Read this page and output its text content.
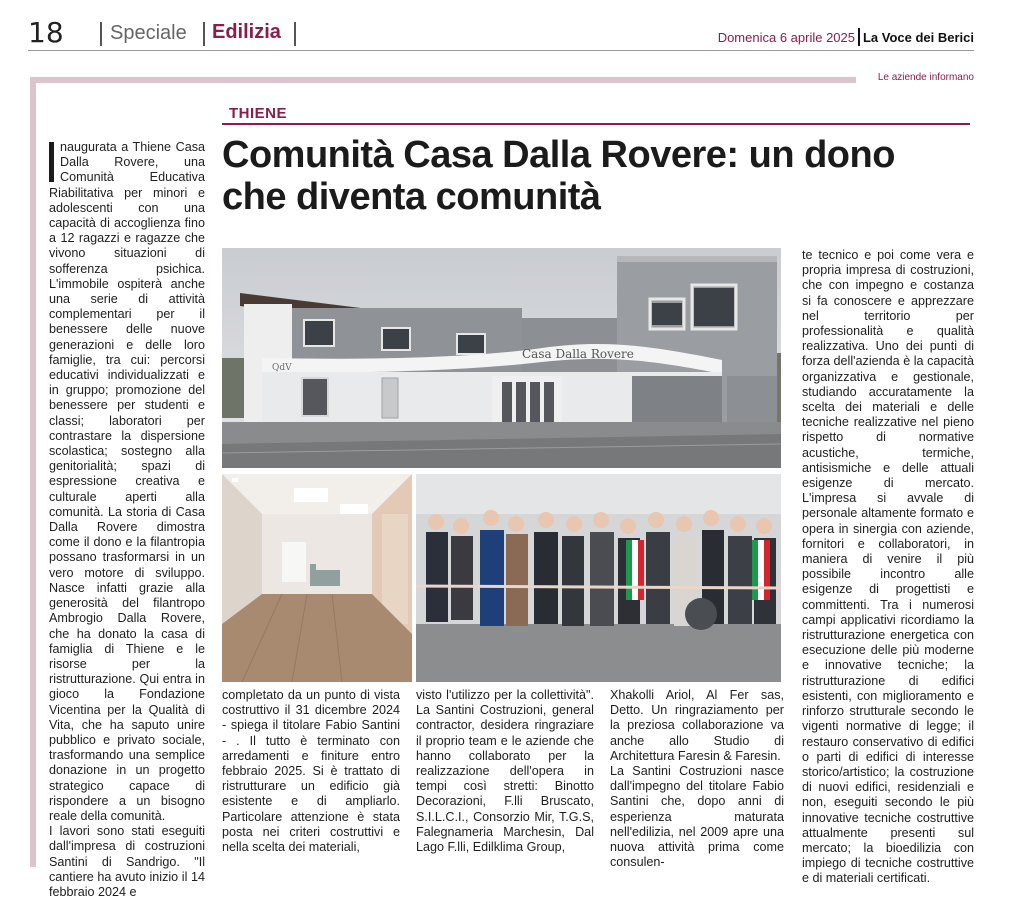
18 Speciale Edilizia	Domenica 6 aprile 2025 La Voce dei Berici
Le aziende informano
THIENE
Comunità Casa Dalla Rovere: un dono che diventa comunità
naugurata a Thiene Casa Dalla Rovere, una Comunità Educativa Riabilitativa per minori e adolescenti con una capacità di accoglienza fino a 12 ragazzi e ragazze che vivono situazioni di sofferenza psichica. L'immobile ospiterà anche una serie di attività complementari per il benessere delle nuove generazioni e delle loro famiglie, tra cui: percorsi educativi individualizzati e in gruppo; promozione del benessere per studenti e classi; laboratori per contrastare la dispersione scolastica; sostegno alla genitorialità; spazi di espressione creativa e culturale aperti alla comunità. La storia di Casa Dalla Rovere dimostra come il dono e la filantropia possano trasformarsi in un vero motore di sviluppo. Nasce infatti grazie alla generosità del filantropo Ambrogio Dalla Rovere, che ha donato la casa di famiglia di Thiene e le risorse per la ristrutturazione. Qui entra in gioco la Fondazione Vicentina per la Qualità di Vita, che ha saputo unire pubblico e privato sociale, trasformando una semplice donazione in un progetto strategico capace di rispondere a un bisogno reale della comunità.
I lavori sono stati eseguiti dall'impresa di costruzioni Santini di Sandrigo. "Il cantiere ha avuto inizio il 14 febbraio 2024 e
QdV
Casa Dalla Rovere
completato da un punto di vista costruttivo il 31 dicembre 2024 - spiega il titolare Fabio Santini - . Il tutto è terminato con arredamenti e finiture entro febbraio 2025. Si è trattato di ristrutturare un edificio già esistente e di ampliarlo. Particolare attenzione è stata posta nei criteri costruttivi e nella scelta dei materiali,
visto l'utilizzo per la collettività". La Santini Costruzioni, general contractor, desidera ringraziare il proprio team e le aziende che hanno collaborato per la realizzazione dell'opera in tempi così stretti: Binotto Decorazioni, F.lli Bruscato, S.I.L.C.I., Consorzio Mir, T.G.S, Falegnameria Marchesin, Dal Lago F.lli, Edilklima Group,
Xhakolli Ariol, Al Fer sas, Detto. Un ringraziamento per la preziosa collaborazione va anche allo Studio di Architettura Faresin & Faresin.
La Santini Costruzioni nasce dall'impegno del titolare Fabio Santini che, dopo anni di esperienza maturata nell'edilizia, nel 2009 apre una nuova attività prima come consulen-
te tecnico e poi come vera e propria impresa di costruzioni, che con impegno e costanza si fa conoscere e apprezzare nel territorio per professionalità e qualità realizzativa. Uno dei punti di forza dell'azienda è la capacità organizzativa e gestionale, studiando accuratamente la scelta dei materiali e delle tecniche realizzative nel pieno rispetto di normative acustiche, termiche, antisismiche e delle attuali esigenze di mercato. L'impresa si avvale di personale altamente formato e opera in sinergia con aziende, fornitori e collaboratori, in maniera di venire il più possibile incontro alle esigenze di progettisti e committenti. Tra i numerosi campi applicativi ricordiamo la ristrutturazione energetica con esecuzione delle più moderne e innovative tecniche; la ristrutturazione di edifici esistenti, con miglioramento e rinforzo strutturale secondo le vigenti normative di legge; il restauro conservativo di edifici o parti di edifici di interesse storico/artistico; la costruzione di nuovi edifici, residenziali e non, eseguiti secondo le più innovative tecniche costruttive attualmente presenti sul mercato; la bioedilizia con impiego di tecniche costruttive e di materiali certificati.
